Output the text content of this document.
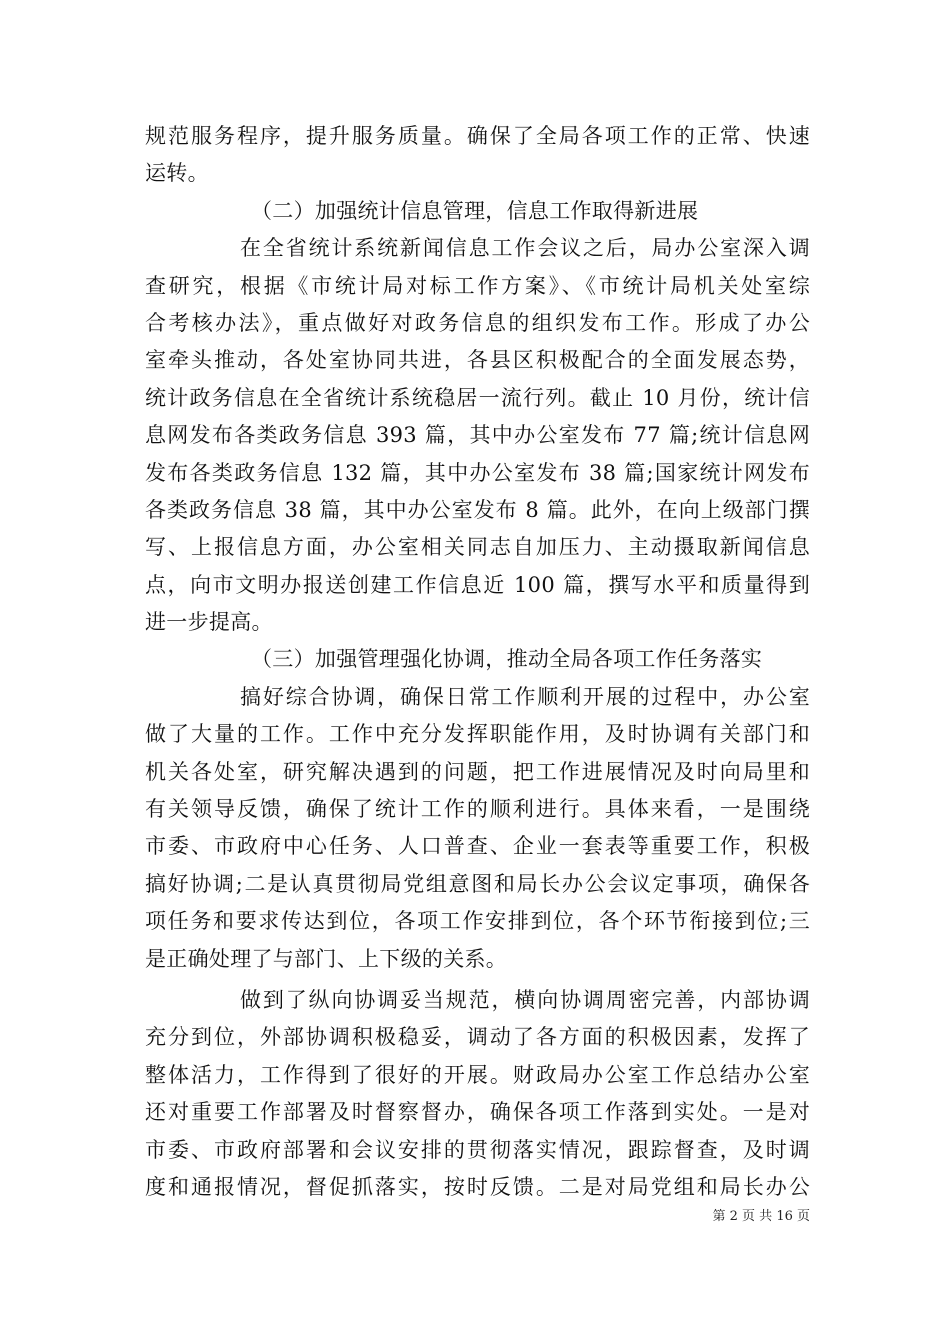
规范服务程序，提升服务质量。确保了全局各项工作的正常、快速
运转。
（二）加强统计信息管理，信息工作取得新进展
在全省统计系统新闻信息工作会议之后，局办公室深入调
查研究，根据《市统计局对标工作方案》、《市统计局机关处室综
合考核办法》，重点做好对政务信息的组织发布工作。形成了办公
室牵头推动，各处室协同共进，各县区积极配合的全面发展态势，
统计政务信息在全省统计系统稳居一流行列。截止 10 月份，统计信
息网发布各类政务信息 393 篇，其中办公室发布 77 篇;统计信息网
发布各类政务信息 132 篇，其中办公室发布 38 篇;国家统计网发布
各类政务信息 38 篇，其中办公室发布 8 篇。此外，在向上级部门撰
写、上报信息方面，办公室相关同志自加压力、主动摄取新闻信息
点，向市文明办报送创建工作信息近 100 篇，撰写水平和质量得到
进一步提高。
（三）加强管理强化协调，推动全局各项工作任务落实
搞好综合协调，确保日常工作顺利开展的过程中，办公室
做了大量的工作。工作中充分发挥职能作用，及时协调有关部门和
机关各处室，研究解决遇到的问题，把工作进展情况及时向局里和
有关领导反馈，确保了统计工作的顺利进行。具体来看，一是围绕
市委、市政府中心任务、人口普查、企业一套表等重要工作，积极
搞好协调;二是认真贯彻局党组意图和局长办公会议定事项，确保各
项任务和要求传达到位，各项工作安排到位，各个环节衔接到位;三
是正确处理了与部门、上下级的关系。
做到了纵向协调妥当规范，横向协调周密完善，内部协调
充分到位，外部协调积极稳妥，调动了各方面的积极因素，发挥了
整体活力，工作得到了很好的开展。财政局办公室工作总结办公室
还对重要工作部署及时督察督办，确保各项工作落到实处。一是对
市委、市政府部署和会议安排的贯彻落实情况，跟踪督查，及时调
度和通报情况，督促抓落实，按时反馈。二是对局党组和局长办公
第 2 页 共 16 页
